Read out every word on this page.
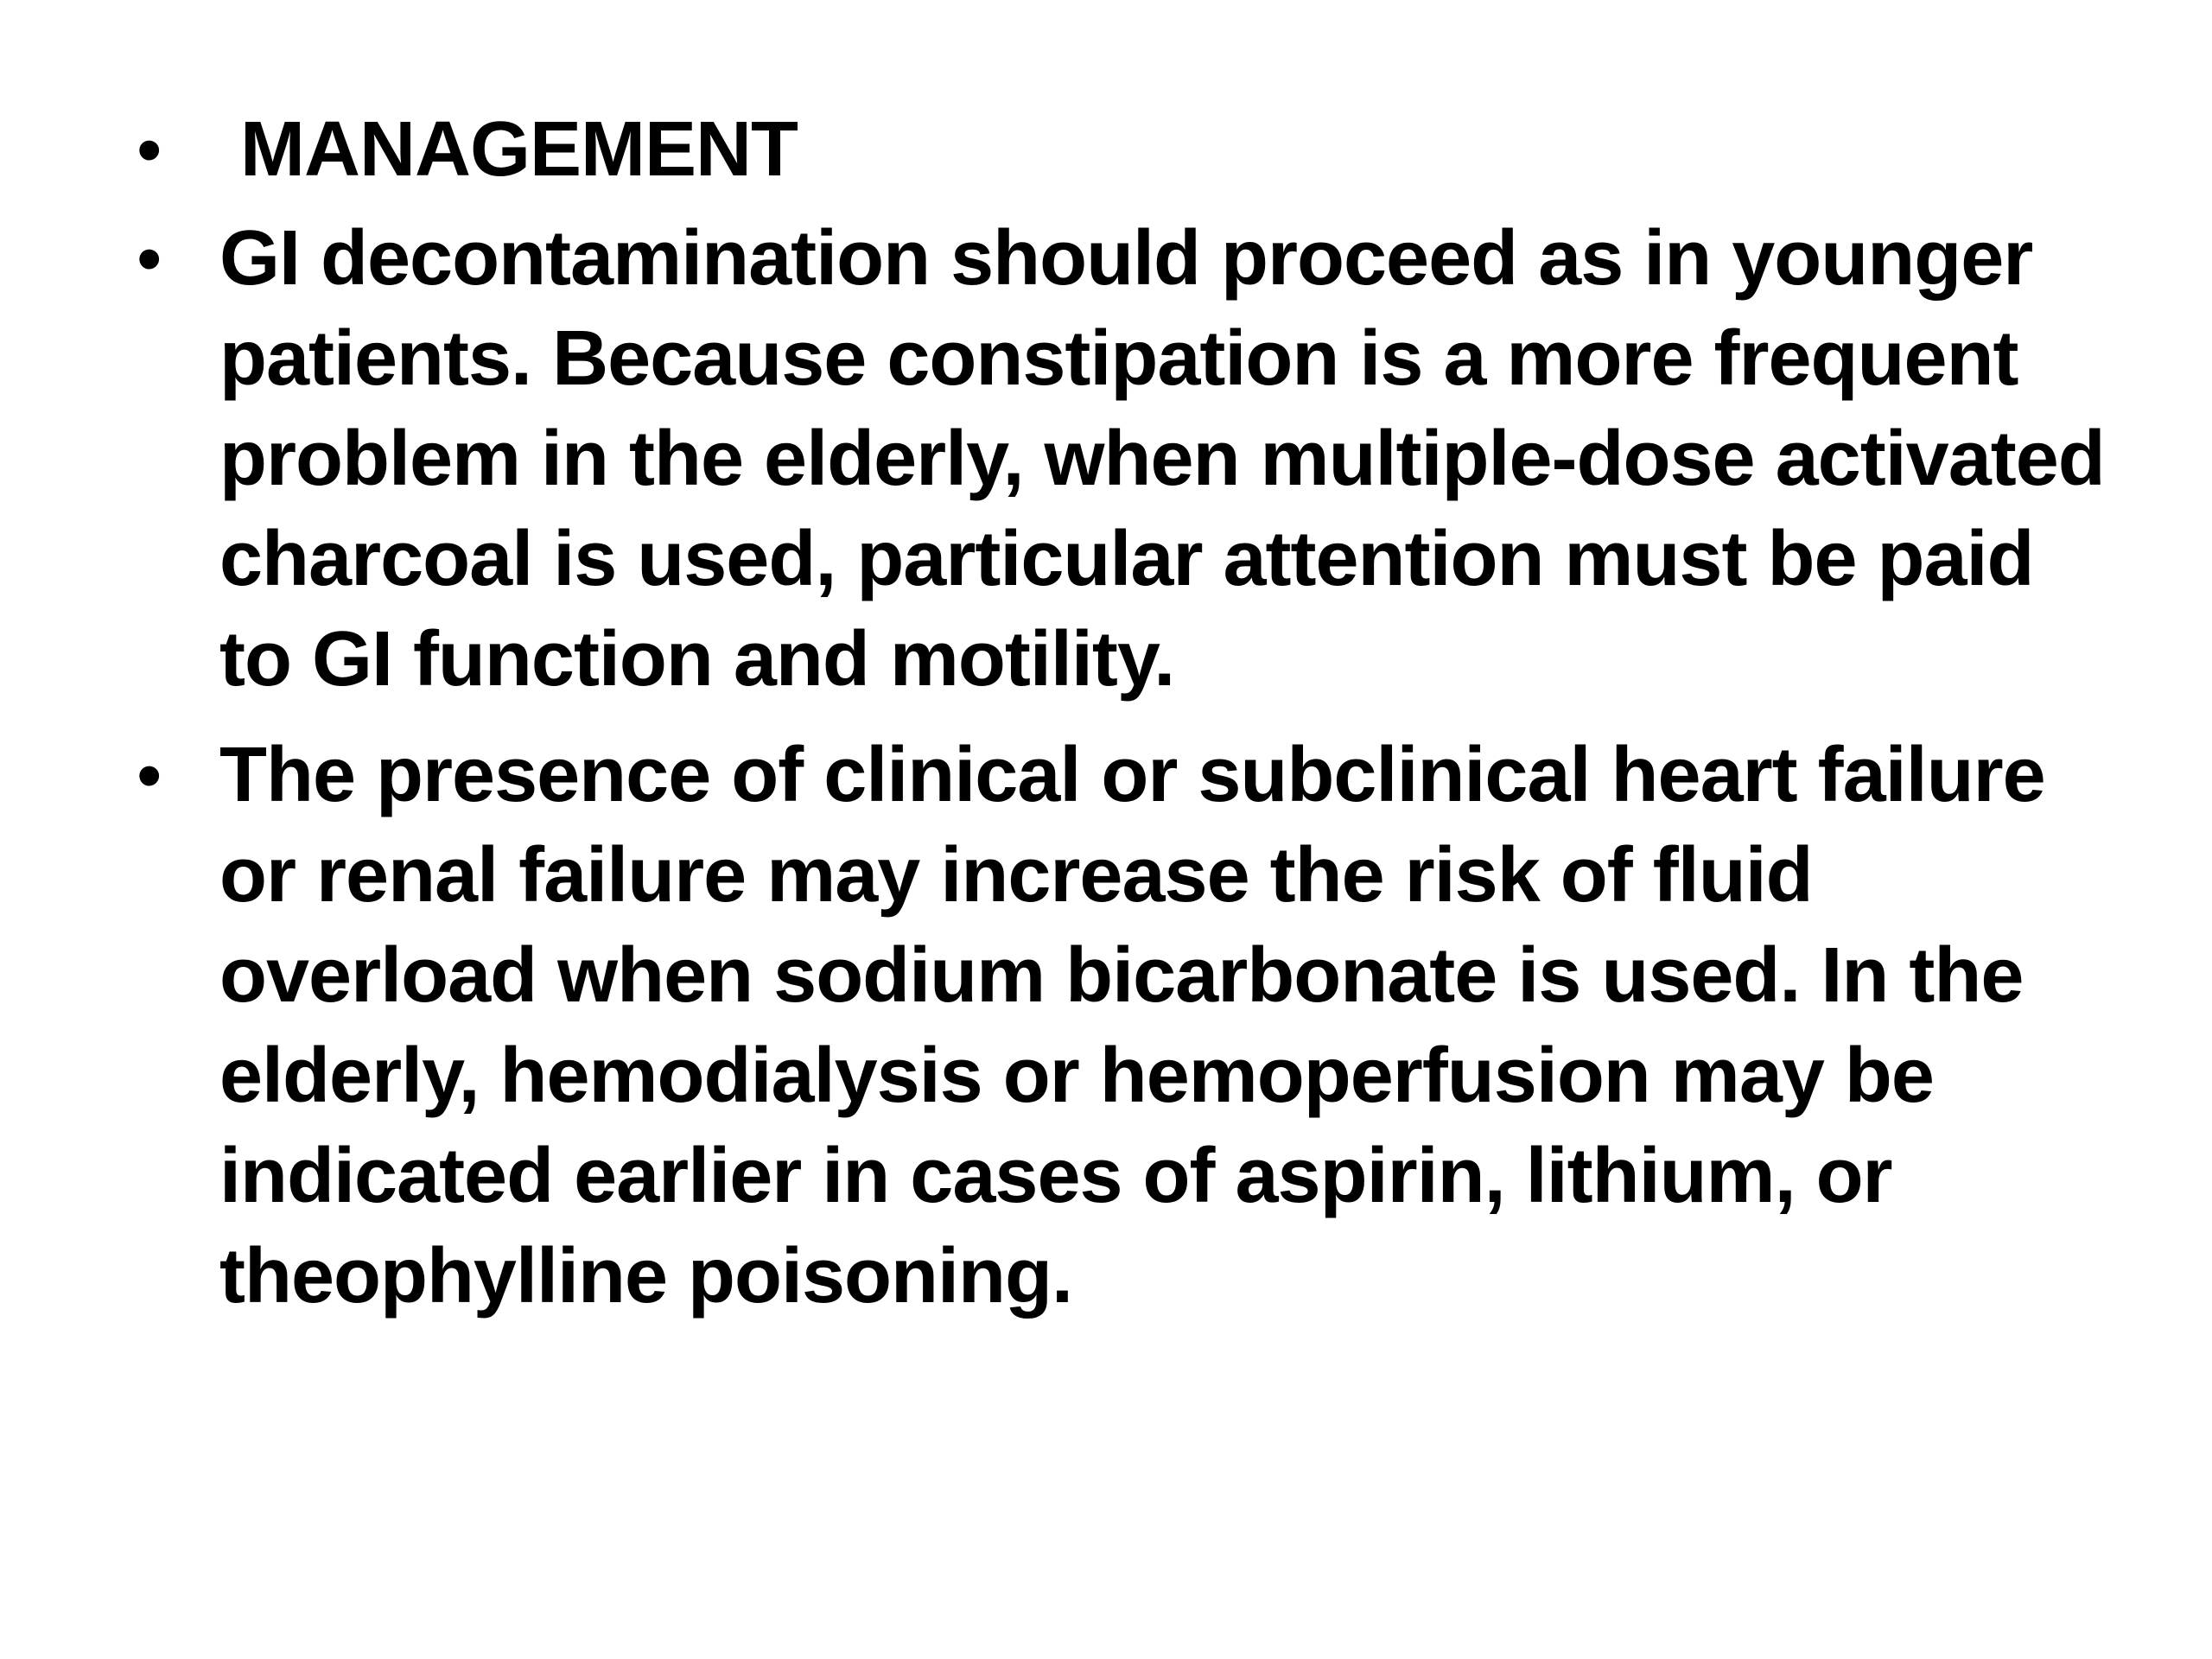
• MANAGEMENT
• GI decontamination should proceed as in younger patients. Because constipation is a more frequent problem in the elderly, when multiple-dose activated charcoal is used, particular attention must be paid to GI function and motility.
• The presence of clinical or subclinical heart failure or renal failure may increase the risk of fluid overload when sodium bicarbonate is used. In the elderly, hemodialysis or hemoperfusion may be indicated earlier in cases of aspirin, lithium, or theophylline poisoning.
